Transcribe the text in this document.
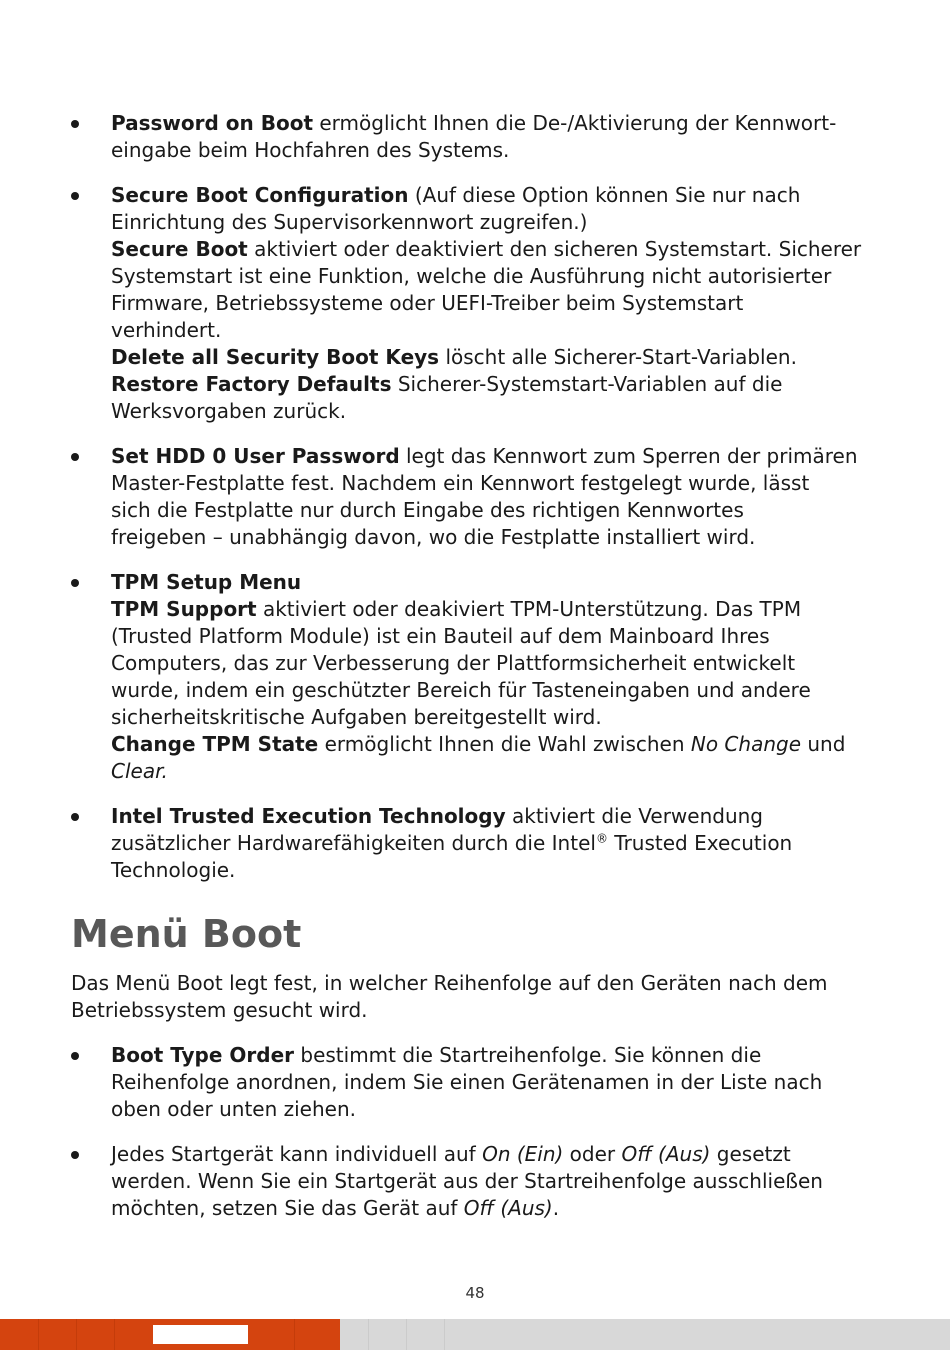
Password on Boot ermöglicht Ihnen die De-/Aktivierung der Kennwort-
eingabe beim Hochfahren des Systems.
Secure Boot Configuration (Auf diese Option können Sie nur nach
Einrichtung des Supervisorkennwort zugreifen.)
Secure Boot aktiviert oder deaktiviert den sicheren Systemstart. Sicherer
Systemstart ist eine Funktion, welche die Ausführung nicht autorisierter
Firmware, Betriebssysteme oder UEFI-Treiber beim Systemstart
verhindert.
Delete all Security Boot Keys löscht alle Sicherer-Start-Variablen.
Restore Factory Defaults Sicherer-Systemstart-Variablen auf die
Werksvorgaben zurück.
Set HDD 0 User Password legt das Kennwort zum Sperren der primären
Master-Festplatte fest. Nachdem ein Kennwort festgelegt wurde, lässt
sich die Festplatte nur durch Eingabe des richtigen Kennwortes
freigeben – unabhängig davon, wo die Festplatte installiert wird.
TPM Setup Menu
TPM Support aktiviert oder deakiviert TPM-Unterstützung. Das TPM
(Trusted Platform Module) ist ein Bauteil auf dem Mainboard Ihres
Computers, das zur Verbesserung der Plattformsicherheit entwickelt
wurde, indem ein geschützter Bereich für Tasteneingaben und andere
sicherheitskritische Aufgaben bereitgestellt wird.
Change TPM State ermöglicht Ihnen die Wahl zwischen No Change und
Clear.
Intel Trusted Execution Technology aktiviert die Verwendung
zusätzlicher Hardwarefähigkeiten durch die Intel® Trusted Execution
Technologie.
Menü Boot

Das Menü Boot legt fest, in welcher Reihenfolge auf den Geräten nach dem
Betriebssystem gesucht wird.

Boot Type Order bestimmt die Startreihenfolge. Sie können die
Reihenfolge anordnen, indem Sie einen Gerätenamen in der Liste nach
oben oder unten ziehen.
Jedes Startgerät kann individuell auf On (Ein) oder Off (Aus) gesetzt
werden. Wenn Sie ein Startgerät aus der Startreihenfolge ausschließen
möchten, setzen Sie das Gerät auf Off (Aus).
48
